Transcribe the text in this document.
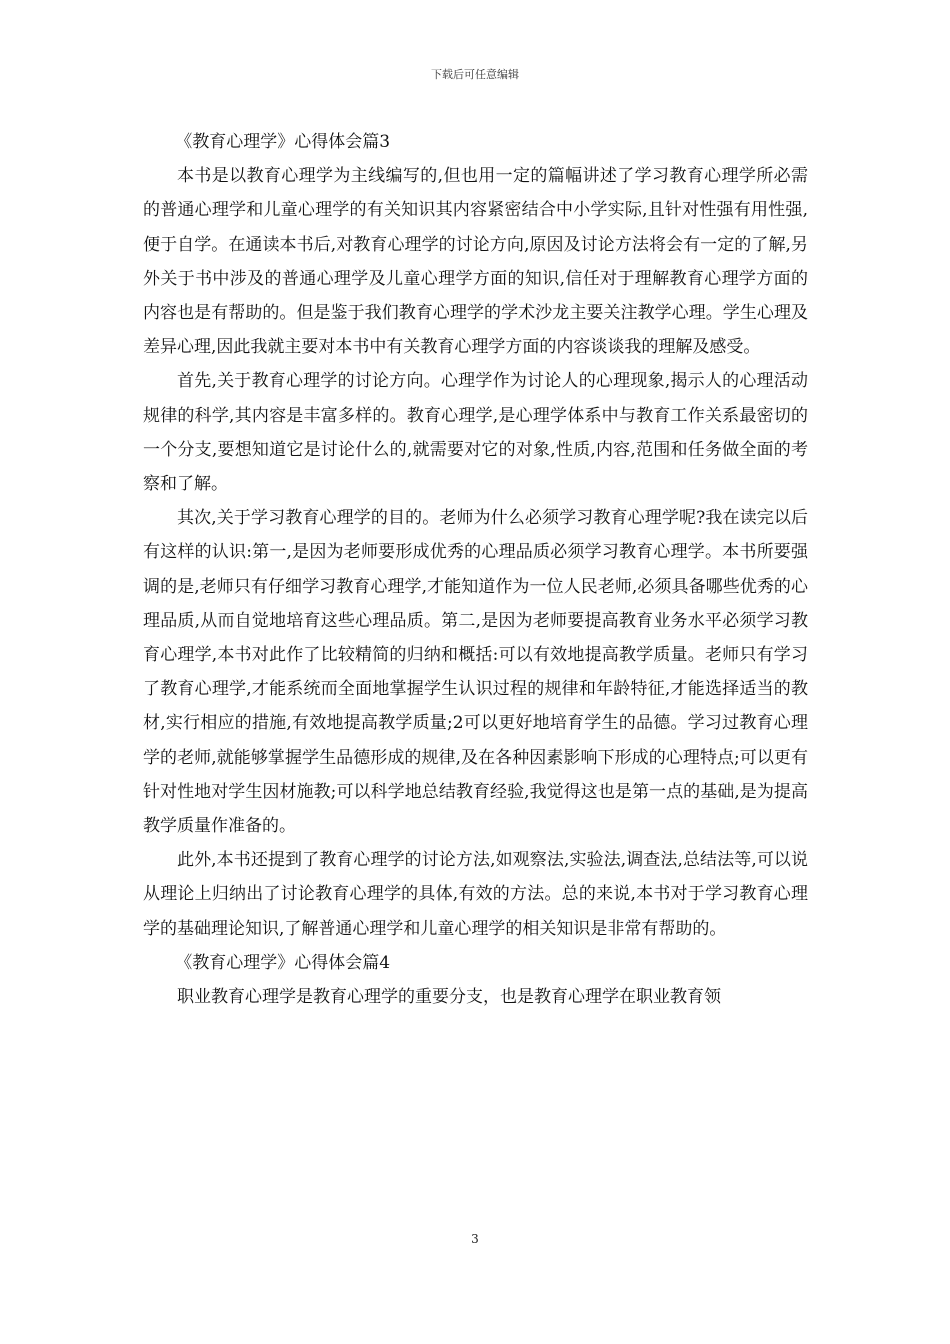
下载后可任意编辑

《教育心理学》心得体会篇3

本书是以教育心理学为主线编写的,但也用一定的篇幅讲述了学习教育心理学所必需的普通心理学和儿童心理学的有关知识其内容紧密结合中小学实际,且针对性强有用性强,便于自学。在通读本书后,对教育心理学的讨论方向,原因及讨论方法将会有一定的了解,另外关于书中涉及的普通心理学及儿童心理学方面的知识,信任对于理解教育心理学方面的内容也是有帮助的。但是鉴于我们教育心理学的学术沙龙主要关注教学心理。学生心理及差异心理,因此我就主要对本书中有关教育心理学方面的内容谈谈我的理解及感受。

首先,关于教育心理学的讨论方向。心理学作为讨论人的心理现象,揭示人的心理活动规律的科学,其内容是丰富多样的。教育心理学,是心理学体系中与教育工作关系最密切的一个分支,要想知道它是讨论什么的,就需要对它的对象,性质,内容,范围和任务做全面的考察和了解。

其次,关于学习教育心理学的目的。老师为什么必须学习教育心理学呢?我在读完以后有这样的认识:第一,是因为老师要形成优秀的心理品质必须学习教育心理学。本书所要强调的是,老师只有仔细学习教育心理学,才能知道作为一位人民老师,必须具备哪些优秀的心理品质,从而自觉地培育这些心理品质。第二,是因为老师要提高教育业务水平必须学习教育心理学,本书对此作了比较精简的归纳和概括:可以有效地提高教学质量。老师只有学习了教育心理学,才能系统而全面地掌握学生认识过程的规律和年龄特征,才能选择适当的教材,实行相应的措施,有效地提高教学质量;2可以更好地培育学生的品德。学习过教育心理学的老师,就能够掌握学生品德形成的规律,及在各种因素影响下形成的心理特点;可以更有针对性地对学生因材施教;可以科学地总结教育经验,我觉得这也是第一点的基础,是为提高教学质量作准备的。

此外,本书还提到了教育心理学的讨论方法,如观察法,实验法,调查法,总结法等,可以说从理论上归纳出了讨论教育心理学的具体,有效的方法。总的来说,本书对于学习教育心理学的基础理论知识,了解普通心理学和儿童心理学的相关知识是非常有帮助的。

《教育心理学》心得体会篇4

职业教育心理学是教育心理学的重要分支，也是教育心理学在职业教育领

3
